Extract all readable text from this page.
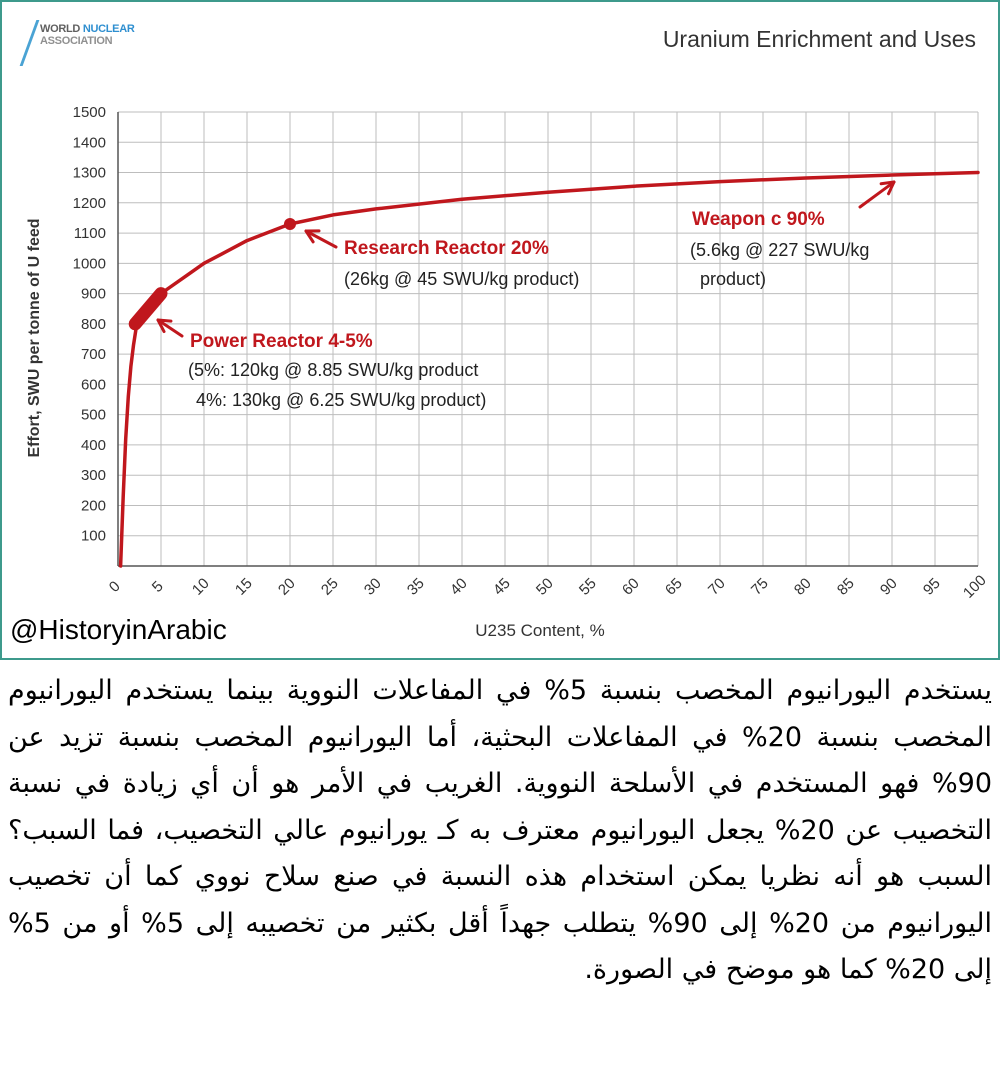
WORLD NUCLEAR
ASSOCIATION	Uranium Enrichment and Uses
100
200
300
400
500
600
700
800
900
1000
1100
1200
1300
1400
1500
0 5 10 15 20 25 30 35 40 45 50 55 60 65 70 75 80 85 90 95 100
Power Reactor 4-5%
(5%: 120kg @ 8.85 SWU/kg product
4%: 130kg @ 6.25 SWU/kg product)
Research Reactor 20%
(26kg @ 45 SWU/kg product)
Weapon c 90%
(5.6kg @ 227 SWU/kg
product)
Effort, SWU per tonne of U feed
U235 Content, %
@HistoryinArabic
يستخدم اليورانيوم المخصب بنسبة 5% في المفاعلات النووية بينما يستخدم اليورانيوم المخصب بنسبة 20% في المفاعلات البحثية، أما اليورانيوم المخصب بنسبة تزيد عن 90% فهو المستخدم في الأسلحة النووية. الغريب في الأمر هو أن أي زيادة في نسبة التخصيب عن 20% يجعل اليورانيوم معترف به كـ يورانيوم عالي التخصيب، فما السبب؟ السبب هو أنه نظريا يمكن استخدام هذه النسبة في صنع سلاح نووي كما أن تخصيب اليورانيوم من 20% إلى 90% يتطلب جهداً أقل بكثير من تخصيبه إلى 5% أو من 5% إلى 20% كما هو موضح في الصورة.
